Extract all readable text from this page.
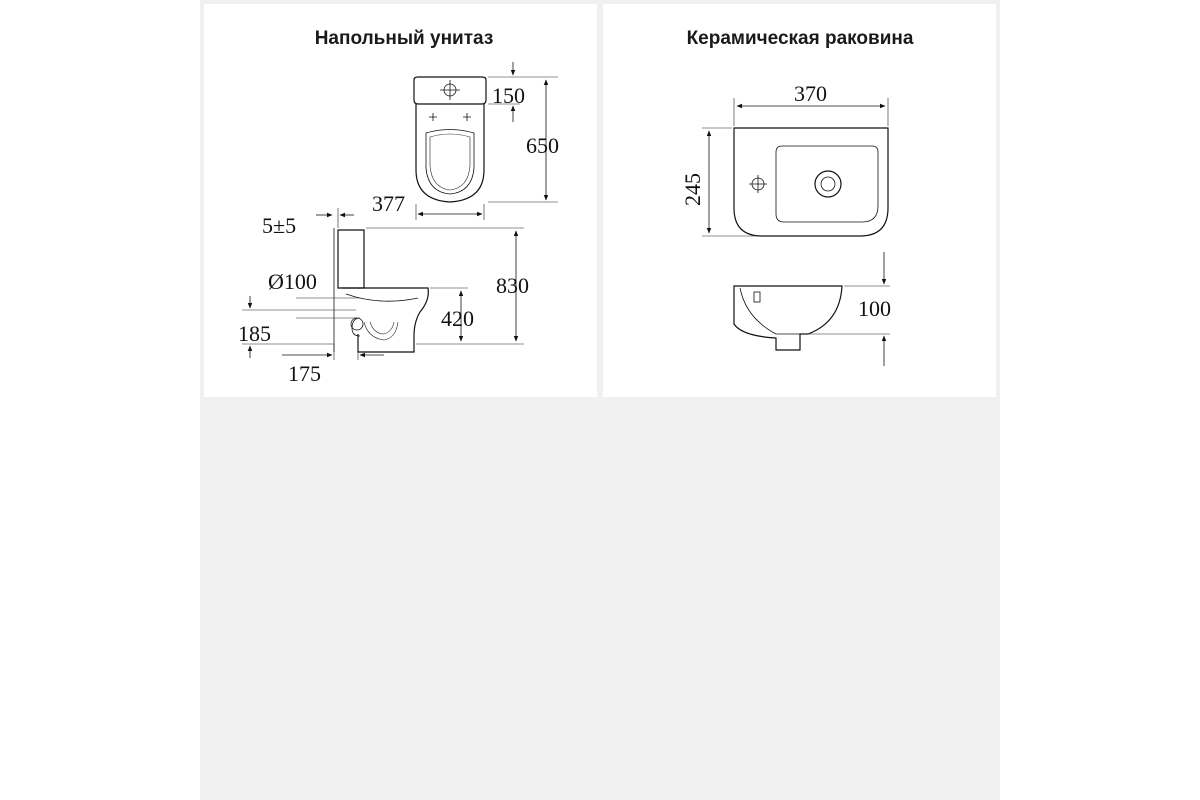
Напольный унитаз	Керамическая раковина
150
650
377
5±5
830
Ø100
420
185
175
370
245
100
